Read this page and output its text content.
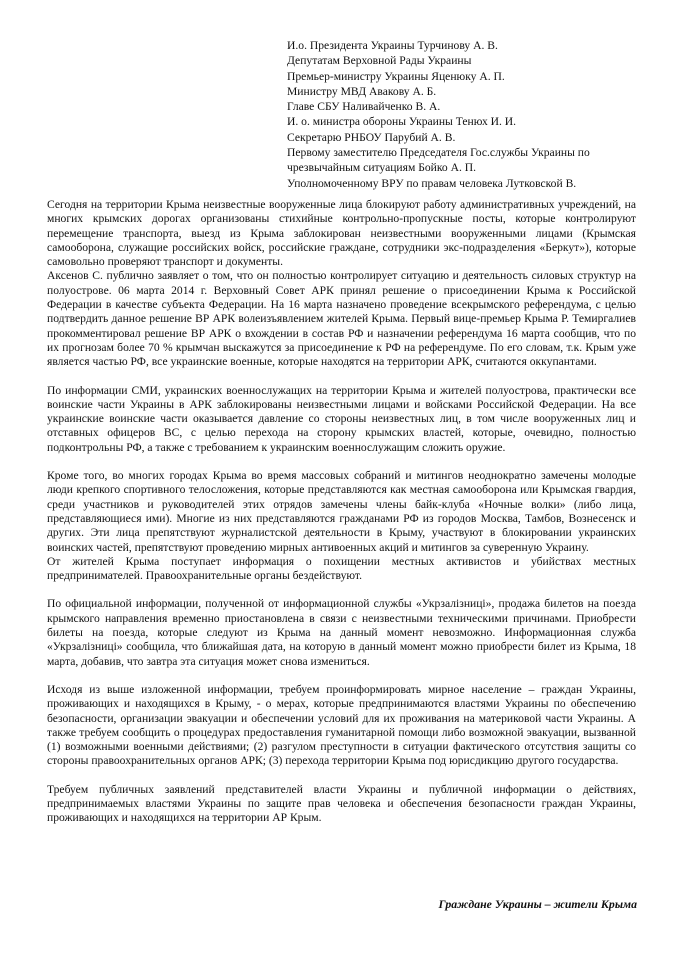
И.о. Президента Украины Турчинову А. В.
Депутатам Верховной Рады Украины
Премьер-министру Украины Яценюку А. П.
Министру МВД Авакову А. Б.
Главе СБУ Наливайченко В. А.
И. о. министра обороны Украины Тенюх И. И.
Секретарю РНБОУ Парубий А. В.
Первому заместителю Председателя Гос.службы Украины по чрезвычайным ситуациям Бойко А. П.
Уполномоченному ВРУ по правам человека Лутковской В.

Сегодня на территории Крыма неизвестные вооруженные лица блокируют работу административных учреждений, на многих крымских дорогах организованы стихийные контрольно-пропускные посты, которые контролируют перемещение транспорта, выезд из Крыма заблокирован неизвестными вооруженными лицами (Крымская самооборона, служащие российских войск, российские граждане, сотрудники экс-подразделения «Беркут»), которые самовольно проверяют транспорт и документы.

Аксенов С. публично заявляет о том, что он полностью контролирует ситуацию и деятельность силовых структур на полуострове. 06 марта 2014 г. Верховный Совет АРК принял решение о присоединении Крыма к Российской Федерации в качестве субъекта Федерации. На 16 марта назначено проведение всекрымского референдума, с целью подтвердить данное решение ВР АРК волеизъявлением жителей Крыма. Первый вице-премьер Крыма Р. Темиргалиев прокомментировал решение ВР АРК о вхождении в состав РФ и назначении референдума 16 марта сообщив, что по их прогнозам более 70 % крымчан выскажутся за присоединение к РФ на референдуме. По его словам, т.к. Крым уже является частью РФ, все украинские военные, которые находятся на территории АРК, считаются оккупантами.

По информации СМИ, украинских военнослужащих на территории Крыма и жителей полуострова, практически все воинские части Украины в АРК заблокированы неизвестными лицами и войсками Российской Федерации. На все украинские воинские части оказывается давление со стороны неизвестных лиц, в том числе вооруженных лиц и отставных офицеров ВС, с целью перехода на сторону крымских властей, которые, очевидно, полностью подконтрольны РФ, а также с требованием к украинским военнослужащим сложить оружие.

Кроме того, во многих городах Крыма во время массовых собраний и митингов неоднократно замечены молодые люди крепкого спортивного телосложения, которые представляются как местная самооборона или Крымская гвардия, среди участников и руководителей этих отрядов замечены члены байк-клуба «Ночные волки» (либо лица, представляющиеся ими). Многие из них представляются гражданами РФ из городов Москва, Тамбов, Вознесенск и других. Эти лица препятствуют журналистской деятельности в Крыму, участвуют в блокировании украинских воинских частей, препятствуют проведению мирных антивоенных акций и митингов за суверенную Украину.

От жителей Крыма поступает информация о похищении местных активистов и убийствах местных предпринимателей. Правоохранительные органы бездействуют.

По официальной информации, полученной от информационной службы «Укрзалізниці», продажа билетов на поезда крымского направления временно приостановлена в связи с неизвестными техническими причинами. Приобрести билеты на поезда, которые следуют из Крыма на данный момент невозможно. Информационная служба «Укрзалізниці» сообщила, что ближайшая дата, на которую в данный момент можно приобрести билет из Крыма, 18 марта, добавив, что завтра эта ситуация может снова измениться.

Исходя из выше изложенной информации, требуем проинформировать мирное население – граждан Украины, проживающих и находящихся в Крыму, - о мерах, которые предпринимаются властями Украины по обеспечению безопасности, организации эвакуации и обеспечении условий для их проживания на материковой части Украины. А также требуем сообщить о процедурах предоставления гуманитарной помощи либо возможной эвакуации, вызванной (1) возможными военными действиями; (2) разгулом преступности в ситуации фактического отсутствия защиты со стороны правоохранительных органов АРК; (3) перехода территории Крыма под юрисдикцию другого государства.

Требуем публичных заявлений представителей власти Украины и публичной информации о действиях, предпринимаемых властями Украины по защите прав человека и обеспечения безопасности граждан Украины, проживающих и находящихся на территории АР Крым.

Граждане Украины – жители Крыма
